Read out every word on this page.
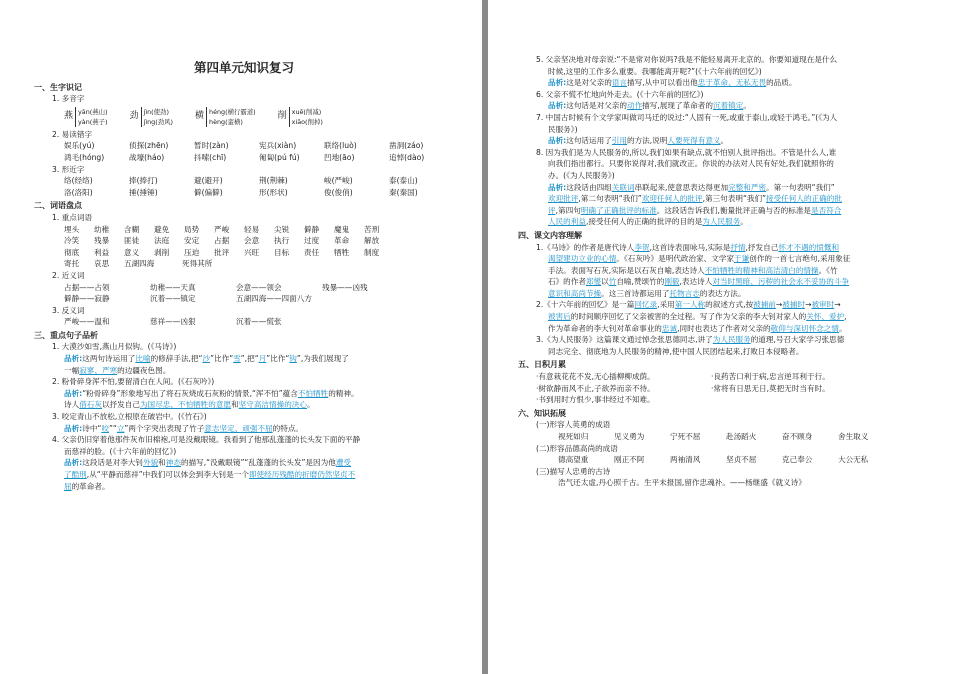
第四单元知识复习
一、生字识记
1. 多音字
燕 yān(燕山)
yàn(燕子)
劲 jìn(使劲)
jìng(劲风)
横 héng(横行霸道)
hèng(蛮横)
削 xuē(削减)
xiāo(削掉)
2. 易读错字
娱乐(yú)	侦探(zhēn)	暂时(zàn)	宪兵(xiàn)	联络(luò)	凿洞(záo)
鸿毛(hóng)	战壕(háo)	抖嗦(chī)	匍匐(pú fú)	凹地(āo)	追悼(dào)
3. 形近字
络(经络)	捧(捧打)	避(避开)	荆(荆棘)	峻(严峻)	泰(泰山)
洛(洛阳)	捶(捶锤)	僻(偏僻)	形(形状)	俊(俊俏)	秦(秦国)
二、词语盘点
1. 重点词语
埋头	幼稚	含糊	避免	局势	严峻	轻易	尖锐	僻静	魔鬼	苦刑
冷笑	残暴	匪徒	法庭	安定	占据	会意	执行	过度	革命	解放
彻底	利益	意义	剥削	压迫	批评	兴旺	目标	责任	牺牲	制度
寄托	哀思	五湖四海	死得其所
2. 近义词
占据——占领	幼稚——天真	会意——领会	残暴——凶残
僻静——寂静	沉着——镇定	五湖四海——四面八方
3. 反义词
严峻——温和	慈祥——凶狠	沉着——慌张
三、重点句子品析
1. 大漠沙如雪,燕山月似钩。(《马诗》)
品析:这两句诗运用了比喻的修辞手法,把“沙”比作“雪”,把“月”比作“钩”,为我们展现了
一幅寂寥、严寒的边疆夜色图。
2. 粉骨碎身浑不怕,要留清白在人间。(《石灰吟》)
品析:“粉骨碎身”形象地写出了将石灰烧成石灰粉的情景,“浑不怕”蕴含不怕牺牲的精神。
诗人借石灰以抒发自己为国尽忠、不怕牺牲的意愿和坚守高洁情操的决心。
3. 咬定青山不放松,立根原在破岩中。(《竹石》)
品析:诗中“咬”“立”两个字突出表现了竹子意志坚定、顽强不屈的特点。
4. 父亲仍旧穿着他那件灰布旧棉袍,可是没戴眼镜。我看到了他那乱蓬蓬的长头发下面的平静
而慈祥的脸。(《十六年前的回忆》)
品析:这段话是对李大钊外貌和神态的描写,“没戴眼镜”“乱蓬蓬的长头发”是因为他遭受
了酷刑,从“平静而慈祥”中我们可以体会到李大钊是一个即使经历残酷的折磨仍然坚贞不
屈的革命者。
5. 父亲坚决地对母亲说:“不是常对你说吗?我是不能轻易离开北京的。你要知道现在是什么
时候,这里的工作多么重要。我哪能离开呢?”(《十六年前的回忆》)
品析:这是对父亲的语言描写,从中可以看出他忠于革命、无私无畏的品质。
6. 父亲不慌不忙地向外走去。(《十六年前的回忆》)
品析:这句话是对父亲的动作描写,展现了革命者的沉着镇定。
7. 中国古时候有个文学家叫做司马迁的说过:“人固有一死,或重于泰山,或轻于鸿毛。”(《为人
民服务》)
品析:这句话运用了引用的方法,说明人要死得有意义。
8. 因为我们是为人民服务的,所以,我们如果有缺点,就不怕别人批评指出。不管是什么人,谁
向我们指出都行。只要你说得对,我们就改正。你说的办法对人民有好处,我们就照你的
办。(《为人民服务》)
品析:这段话由四组关联词串联起来,使意思表达得更加完整和严密。第一句表明“我们”
欢迎批评,第二句表明“我们”欢迎任何人的批评,第三句表明“我们”接受任何人的正确的批
评,第四句明确了正确批评的标准。这段话告诉我们,衡量批评正确与否的标准是是否符合
人民的利益,接受任何人的正确的批评的目的是为人民服务。
四、课文内容理解
1.《马诗》的作者是唐代诗人李贺,这首诗表面咏马,实际是抒情,抒发自己怀才不遇的愤慨和
渴望建功立业的心情。《石灰吟》是明代政治家、文学家于谦创作的一首七言绝句,采用象征
手法。表面写石灰,实际是以石灰自喻,表达诗人不怕牺牲的精神和高洁清白的情操。《竹
石》的作者郑燮以竹自喻,赞颂竹的刚毅,表达诗人对当时黑暗、污秽的社会永不妥协的斗争
意识和高尚节操。这三首诗都运用了托物言志的表达方法。
2.《十六年前的回忆》是一篇回忆录,采用第一人称的叙述方式,按被捕前→被捕时→被审时→
被害后的时间顺序回忆了父亲被害的全过程。写了作为父亲的李大钊对家人的关怀、爱护,
作为革命者的李大钊对革命事业的忠诚,同时也表达了作者对父亲的敬仰与深切怀念之情。
3.《为人民服务》这篇课文通过悼念张思德同志,讲了为人民服务的道理,号召大家学习张思德
同志完全、彻底地为人民服务的精神,使中国人民团结起来,打败日本侵略者。
五、日积月累
·有意栽花花不发,无心插柳柳成荫。	·良药苦口利于病,忠言逆耳利于行。
·树欲静而风不止,子欲养而亲不待。	·常将有日思无日,莫把无时当有时。
·书到用时方恨少,事非经过不知难。
六、知识拓展
(一)形容人英勇的成语
视死如归	见义勇为	宁死不屈	赴汤蹈火	奋不顾身	舍生取义
(二)形容品德高尚的成语
德高望重	刚正不阿	两袖清风	坚贞不屈	克己奉公	大公无私
(三)描写人忠勇的古诗
浩气还太虚,丹心照千古。生平未报国,留作忠魂补。——杨继盛《就义诗》
